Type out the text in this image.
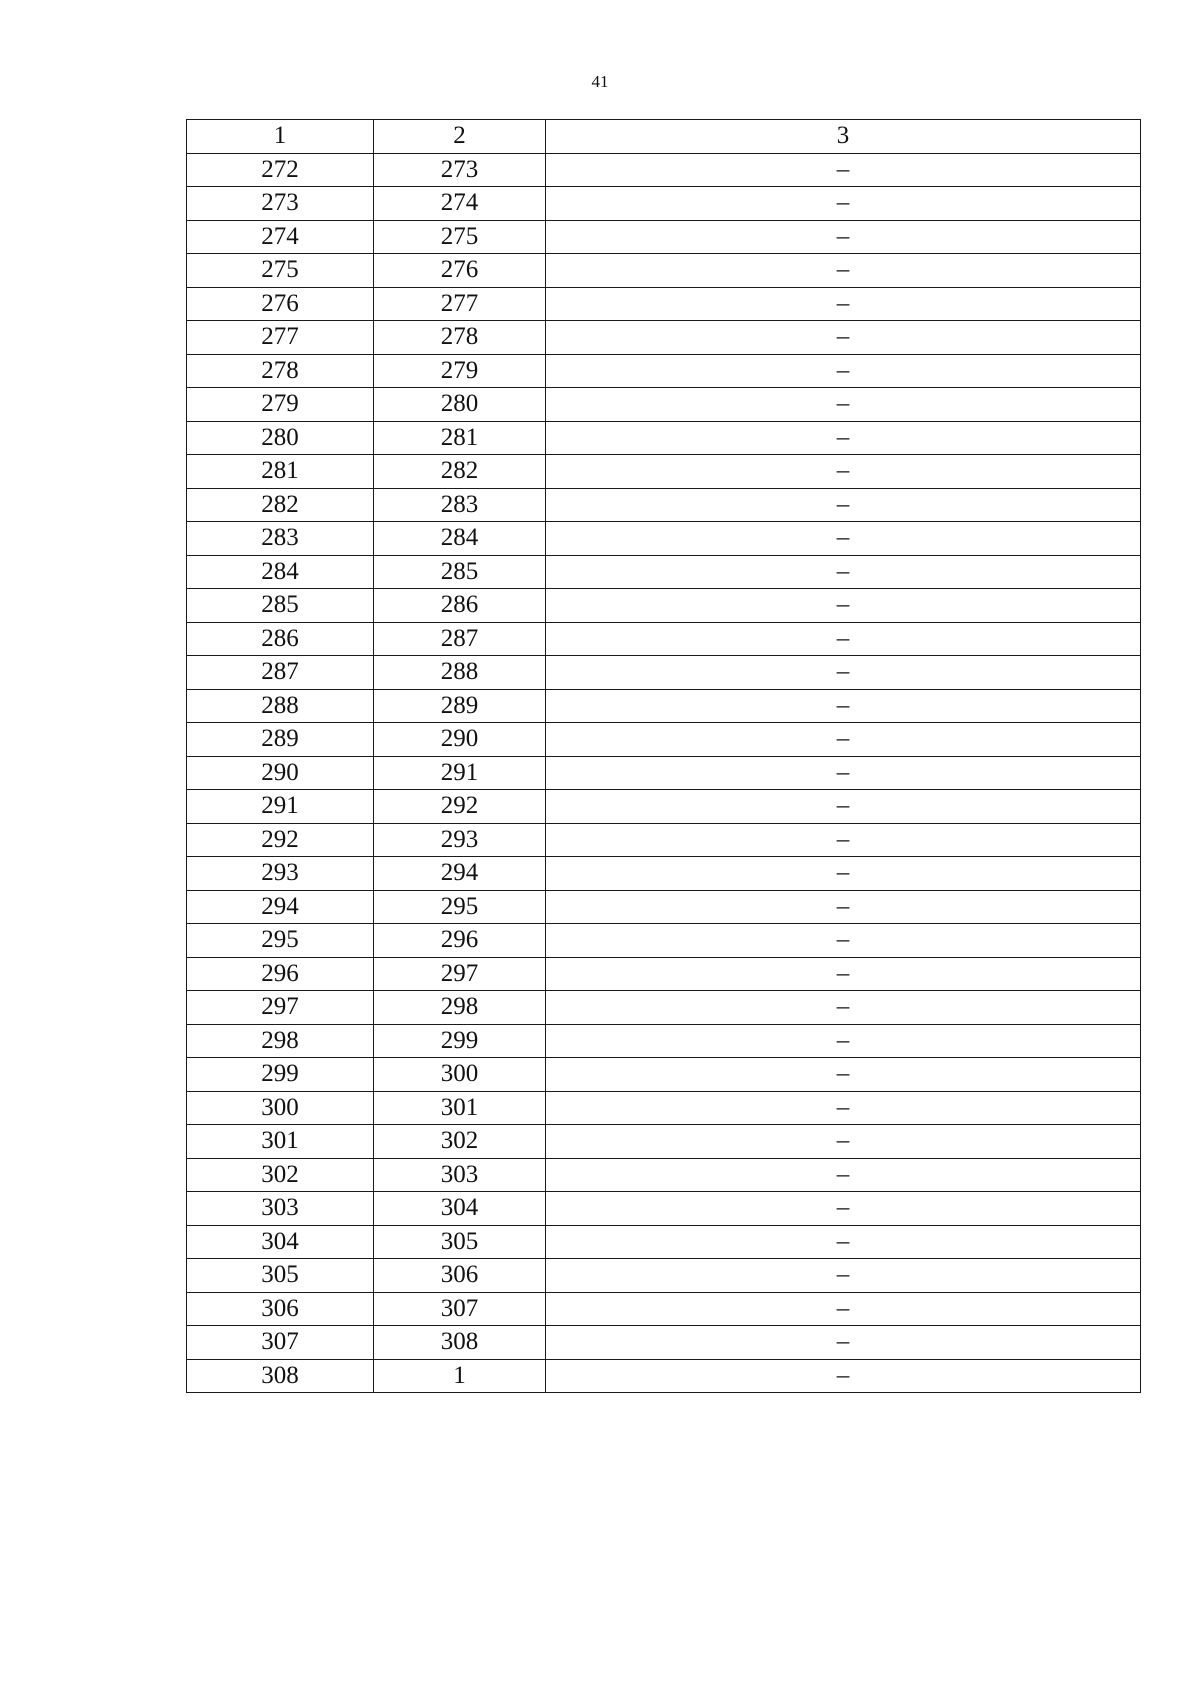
41
1	2	3
272	273	–
273	274	–
274	275	–
275	276	–
276	277	–
277	278	–
278	279	–
279	280	–
280	281	–
281	282	–
282	283	–
283	284	–
284	285	–
285	286	–
286	287	–
287	288	–
288	289	–
289	290	–
290	291	–
291	292	–
292	293	–
293	294	–
294	295	–
295	296	–
296	297	–
297	298	–
298	299	–
299	300	–
300	301	–
301	302	–
302	303	–
303	304	–
304	305	–
305	306	–
306	307	–
307	308	–
308	1	–
